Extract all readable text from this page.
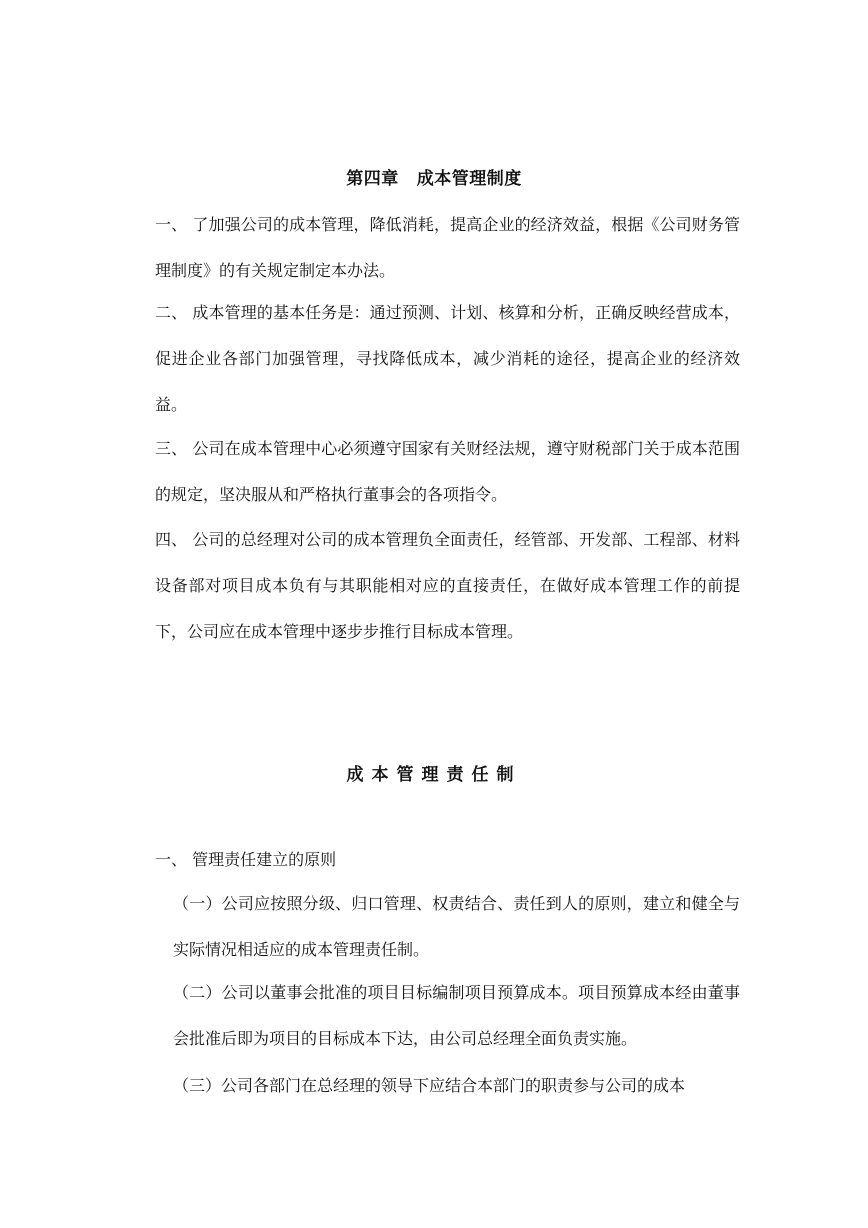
第四章 成本管理制度
一、 了加强公司的成本管理，降低消耗，提高企业的经济效益，根据《公司财务管理制度》的有关规定制定本办法。
二、 成本管理的基本任务是：通过预测、计划、核算和分析，正确反映经营成本，促进企业各部门加强管理，寻找降低成本，减少消耗的途径，提高企业的经济效益。
三、 公司在成本管理中心必须遵守国家有关财经法规，遵守财税部门关于成本范围的规定，坚决服从和严格执行董事会的各项指令。
四、 公司的总经理对公司的成本管理负全面责任，经管部、开发部、工程部、材料设备部对项目成本负有与其职能相对应的直接责任，在做好成本管理工作的前提下，公司应在成本管理中逐步步推行目标成本管理。
成本管理责任制
一、 管理责任建立的原则
（一）公司应按照分级、归口管理、权责结合、责任到人的原则，建立和健全与实际情况相适应的成本管理责任制。
（二）公司以董事会批准的项目目标编制项目预算成本。项目预算成本经由董事会批准后即为项目的目标成本下达，由公司总经理全面负责实施。
（三）公司各部门在总经理的领导下应结合本部门的职责参与公司的成本
